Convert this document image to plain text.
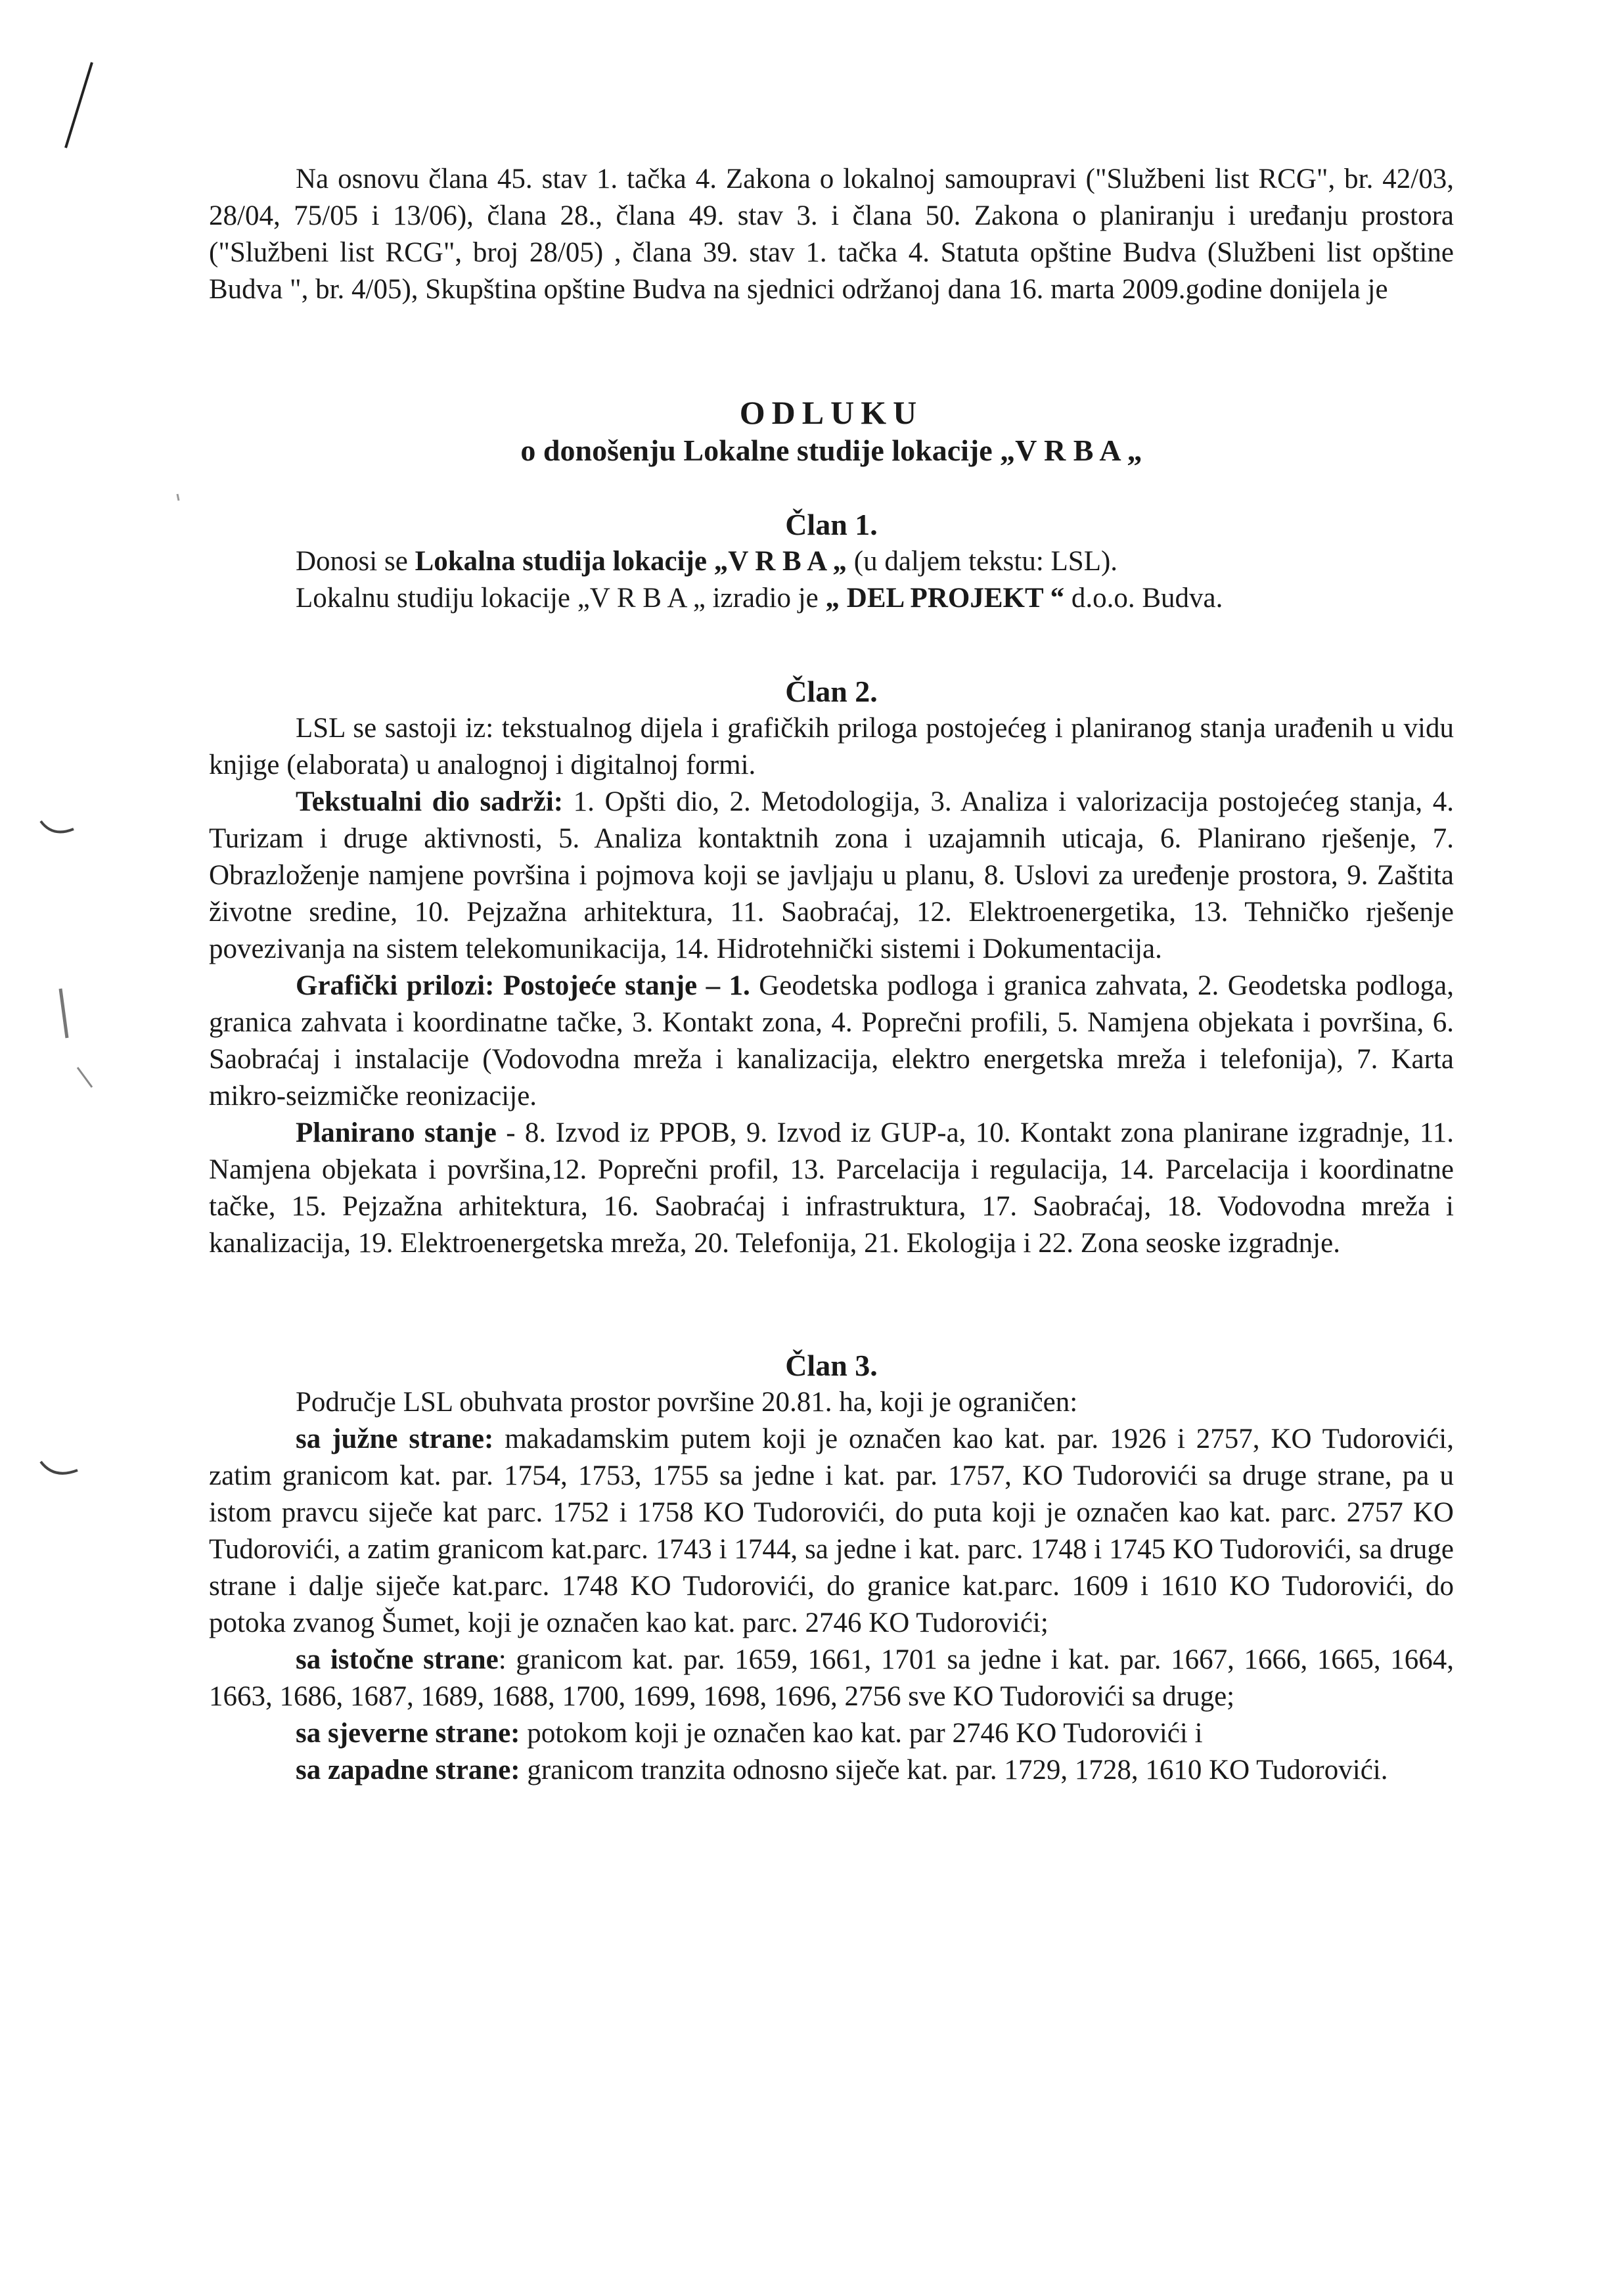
Na osnovu člana 45. stav 1. tačka 4. Zakona o lokalnoj samoupravi ("Službeni list RCG", br. 42/03, 28/04, 75/05 i 13/06), člana 28., člana 49. stav 3. i člana 50. Zakona o planiranju i uređanju prostora ("Službeni list RCG", broj 28/05) , člana 39. stav 1. tačka 4. Statuta opštine Budva (Službeni list opštine Budva ", br. 4/05), Skupština opštine Budva na sjednici održanoj dana 16. marta 2009.godine donijela je

ODLUKU

o donošenju Lokalne studije lokacije „V R B A „

Član 1.

Donosi se Lokalna studija lokacije „V R B A „ (u daljem tekstu: LSL).

Lokalnu studiju lokacije „V R B A „ izradio je „ DEL PROJEKT “ d.o.o. Budva.

Član 2.

LSL se sastoji iz: tekstualnog dijela i grafičkih priloga postojećeg i planiranog stanja urađenih u vidu knjige (elaborata) u analognoj i digitalnoj formi.

Tekstualni dio sadrži: 1. Opšti dio, 2. Metodologija, 3. Analiza i valorizacija postojećeg stanja, 4. Turizam i druge aktivnosti, 5. Analiza kontaktnih zona i uzajamnih uticaja, 6. Planirano rješenje, 7. Obrazloženje namjene površina i pojmova koji se javljaju u planu, 8. Uslovi za uređenje prostora, 9. Zaštita životne sredine, 10. Pejzažna arhitektura, 11. Saobraćaj, 12. Elektroenergetika, 13. Tehničko rješenje povezivanja na sistem telekomunikacija, 14. Hidrotehnički sistemi i Dokumentacija.

Grafički prilozi: Postojeće stanje – 1. Geodetska podloga i granica zahvata, 2. Geodetska podloga, granica zahvata i koordinatne tačke, 3. Kontakt zona, 4. Poprečni profili, 5. Namjena objekata i površina, 6. Saobraćaj i instalacije (Vodovodna mreža i kanalizacija, elektro energetska mreža i telefonija), 7. Karta mikro-seizmičke reonizacije.

Planirano stanje - 8. Izvod iz PPOB, 9. Izvod iz GUP-a, 10. Kontakt zona planirane izgradnje, 11. Namjena objekata i površina,12. Poprečni profil, 13. Parcelacija i regulacija, 14. Parcelacija i koordinatne tačke, 15. Pejzažna arhitektura, 16. Saobraćaj i infrastruktura, 17. Saobraćaj, 18. Vodovodna mreža i kanalizacija, 19. Elektroenergetska mreža, 20. Telefonija, 21. Ekologija i 22. Zona seoske izgradnje.

Član 3.

Područje LSL obuhvata prostor površine 20.81. ha, koji je ograničen:

sa južne strane: makadamskim putem koji je označen kao kat. par. 1926 i 2757, KO Tudorovići, zatim granicom kat. par. 1754, 1753, 1755 sa jedne i kat. par. 1757, KO Tudorovići sa druge strane, pa u istom pravcu siječe kat parc. 1752 i 1758 KO Tudorovići, do puta koji je označen kao kat. parc. 2757 KO Tudorovići, a zatim granicom kat.parc. 1743 i 1744, sa jedne i kat. parc. 1748 i 1745 KO Tudorovići, sa druge strane i dalje siječe kat.parc. 1748 KO Tudorovići, do granice kat.parc. 1609 i 1610 KO Tudorovići, do potoka zvanog Šumet, koji je označen kao kat. parc. 2746 KO Tudorovići;

sa istočne strane: granicom kat. par. 1659, 1661, 1701 sa jedne i kat. par. 1667, 1666, 1665, 1664, 1663, 1686, 1687, 1689, 1688, 1700, 1699, 1698, 1696, 2756 sve KO Tudorovići sa druge;

sa sjeverne strane: potokom koji je označen kao kat. par 2746 KO Tudorovići i

sa zapadne strane: granicom tranzita odnosno siječe kat. par. 1729, 1728, 1610 KO Tudorovići.
